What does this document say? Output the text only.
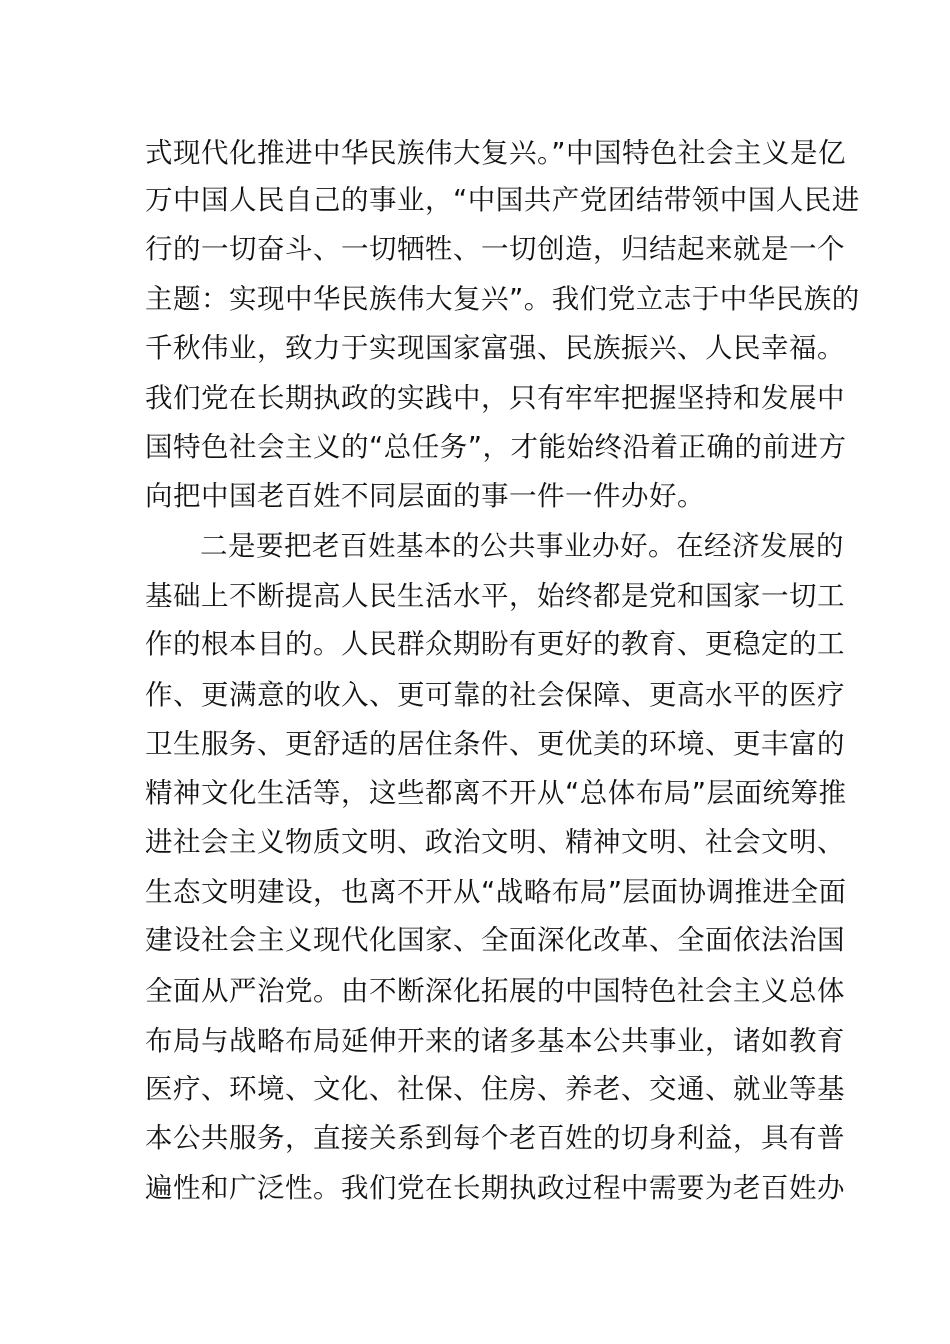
式现代化推进中华民族伟大复兴。”中国特色社会主义是亿
万中国人民自己的事业，“中国共产党团结带领中国人民进
行的一切奋斗、一切牺牲、一切创造，归结起来就是一个
主题：实现中华民族伟大复兴”。我们党立志于中华民族的
千秋伟业，致力于实现国家富强、民族振兴、人民幸福。
我们党在长期执政的实践中，只有牢牢把握坚持和发展中
国特色社会主义的“总任务”，才能始终沿着正确的前进方
向把中国老百姓不同层面的事一件一件办好。
二是要把老百姓基本的公共事业办好。在经济发展的
基础上不断提高人民生活水平，始终都是党和国家一切工
作的根本目的。人民群众期盼有更好的教育、更稳定的工
作、更满意的收入、更可靠的社会保障、更高水平的医疗
卫生服务、更舒适的居住条件、更优美的环境、更丰富的
精神文化生活等，这些都离不开从“总体布局”层面统筹推
进社会主义物质文明、政治文明、精神文明、社会文明、
生态文明建设，也离不开从“战略布局”层面协调推进全面
建设社会主义现代化国家、全面深化改革、全面依法治国
全面从严治党。由不断深化拓展的中国特色社会主义总体
布局与战略布局延伸开来的诸多基本公共事业，诸如教育
医疗、环境、文化、社保、住房、养老、交通、就业等基
本公共服务，直接关系到每个老百姓的切身利益，具有普
遍性和广泛性。我们党在长期执政过程中需要为老百姓办
